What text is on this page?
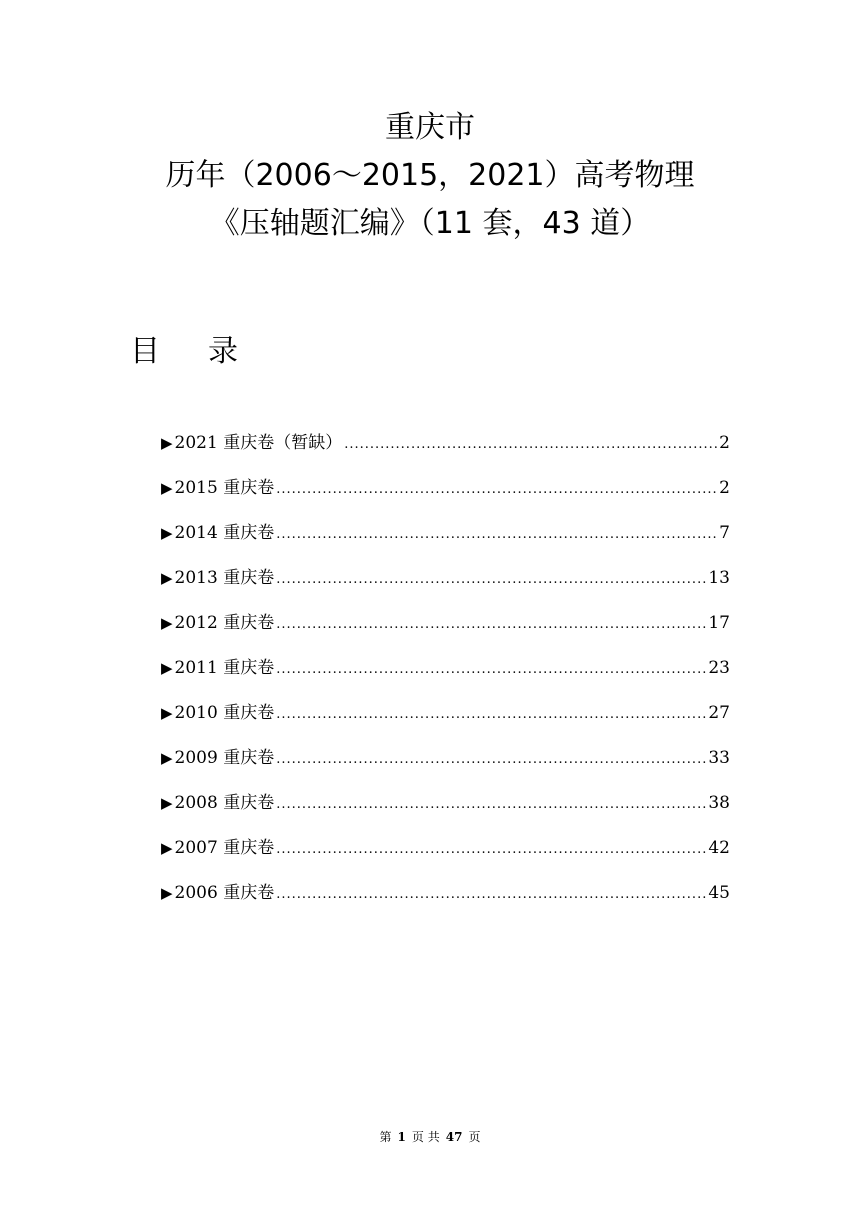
重庆市
历年（2006～2015，2021）高考物理
《压轴题汇编》（11 套，43 道）
目 录
▶ 2021 重庆卷（暂缺） .....	2
▶ 2015 重庆卷 .....	2
▶ 2014 重庆卷 .....	7
▶ 2013 重庆卷 .....	13
▶ 2012 重庆卷 .....	17
▶ 2011 重庆卷 .....	23
▶ 2010 重庆卷 .....	27
▶ 2009 重庆卷 .....	33
▶ 2008 重庆卷 .....	38
▶ 2007 重庆卷 .....	42
▶ 2006 重庆卷 .....	45
第 1 页 共 47 页
